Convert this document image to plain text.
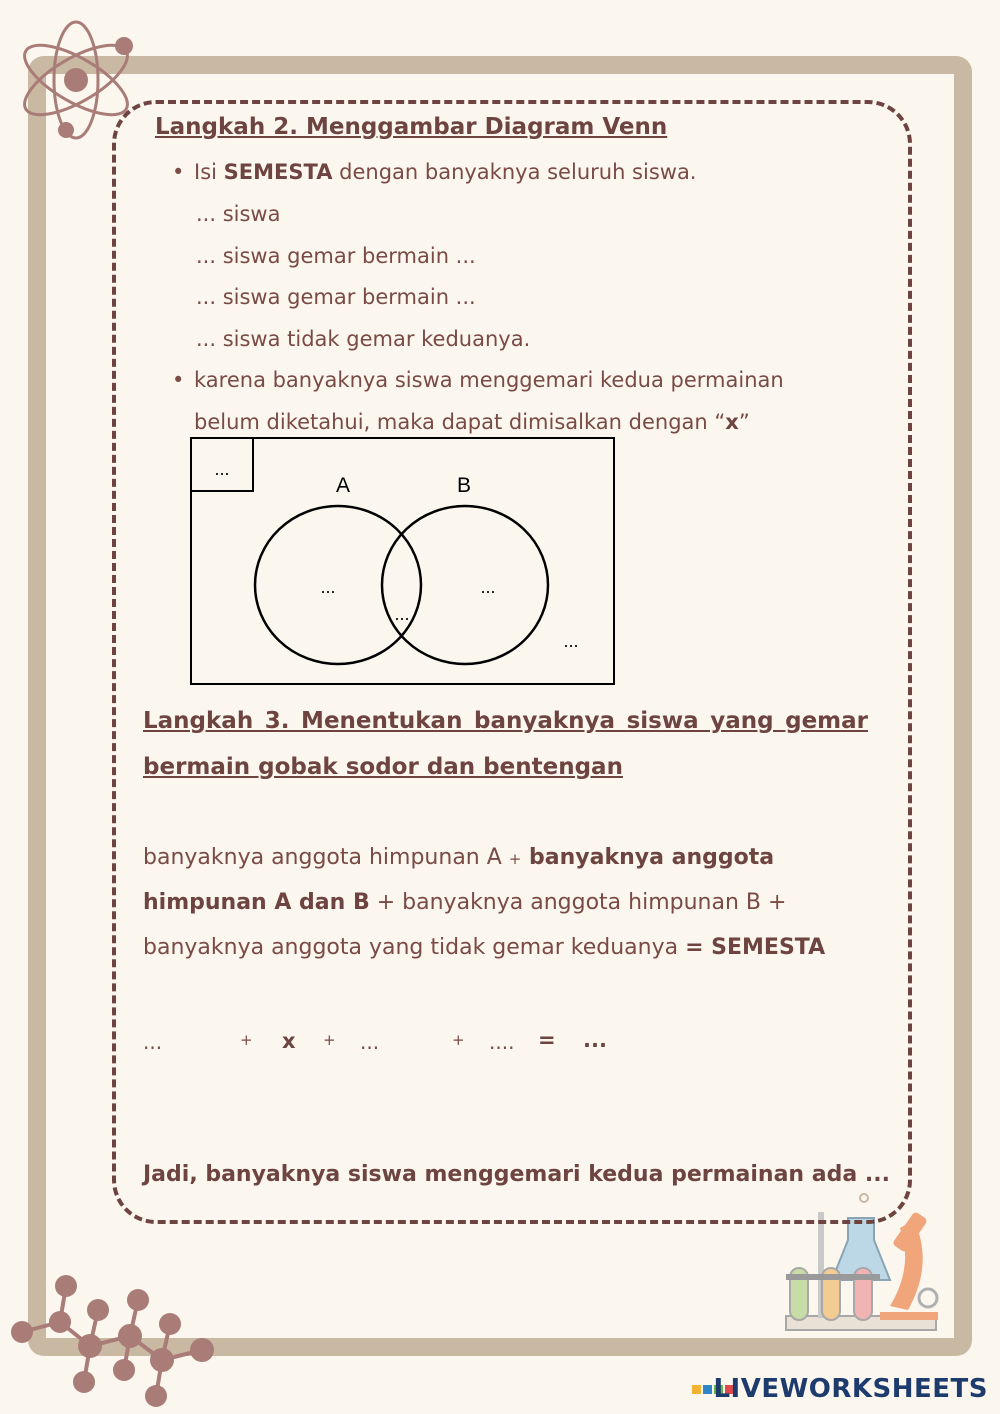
Langkah 2. Menggambar Diagram Venn
• Isi SEMESTA dengan banyaknya seluruh siswa.
... siswa
... siswa gemar bermain ...
... siswa gemar bermain ...
... siswa tidak gemar keduanya.
• karena banyaknya siswa menggemari kedua permainan
belum diketahui, maka dapat dimisalkan dengan “x”
...
A	B
...
...
...
...
Langkah 3. Menentukan banyaknya siswa yang gemar
bermain gobak sodor dan bentengan
banyaknya anggota himpunan A + banyaknya anggota
himpunan A dan B + banyaknya anggota himpunan B +
banyaknya anggota yang tidak gemar keduanya = SEMESTA
...	+ x + ...	+ .... = ...
Jadi, banyaknya siswa menggemari kedua permainan ada ...
LIVEWORKSHEETS
